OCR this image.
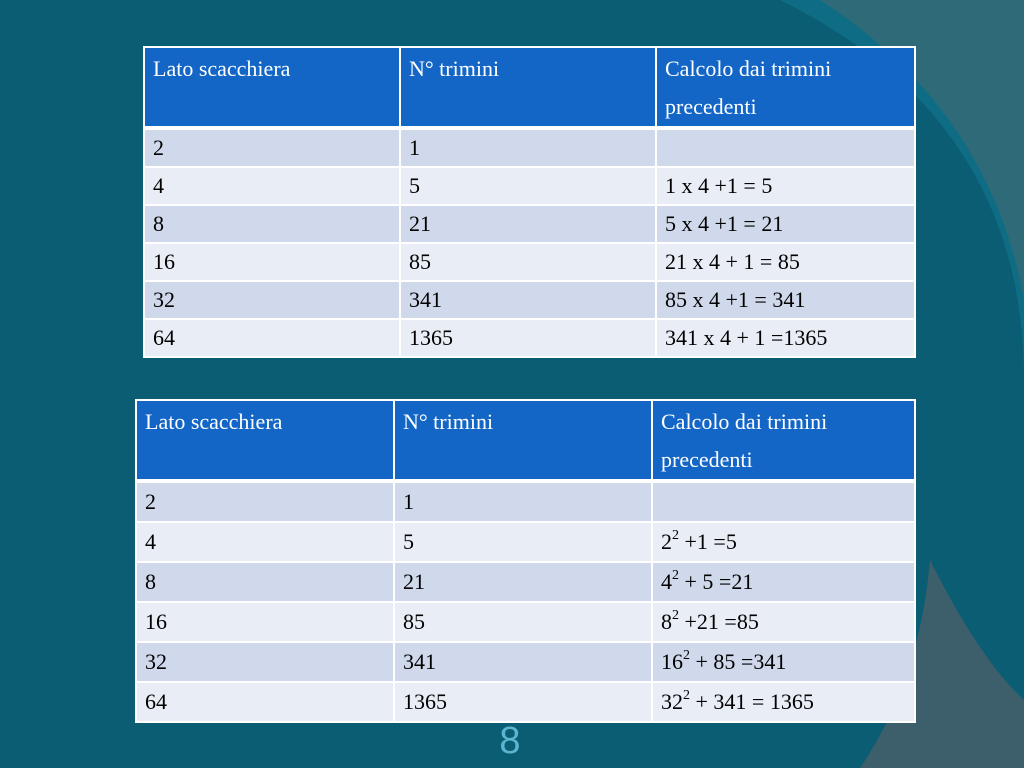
Lato scacchiera	N° trimini	Calcolo dai trimini precedenti
2	1	
4	5	1 x 4 +1 = 5
8	21	5 x 4 +1 = 21
16	85	21 x 4 + 1 = 85
32	341	85 x 4 +1 = 341
64	1365	341 x 4 + 1 =1365
Lato scacchiera	N° trimini	Calcolo dai trimini precedenti
2	1	
4	5	$2^2 +1 =5$
8	21	$4^2 + 5 =21$
16	85	$8^2 +21 =85$
32	341	$16^2 + 85 =341$
64	1365	$32^2 + 341 = 1365$
8
